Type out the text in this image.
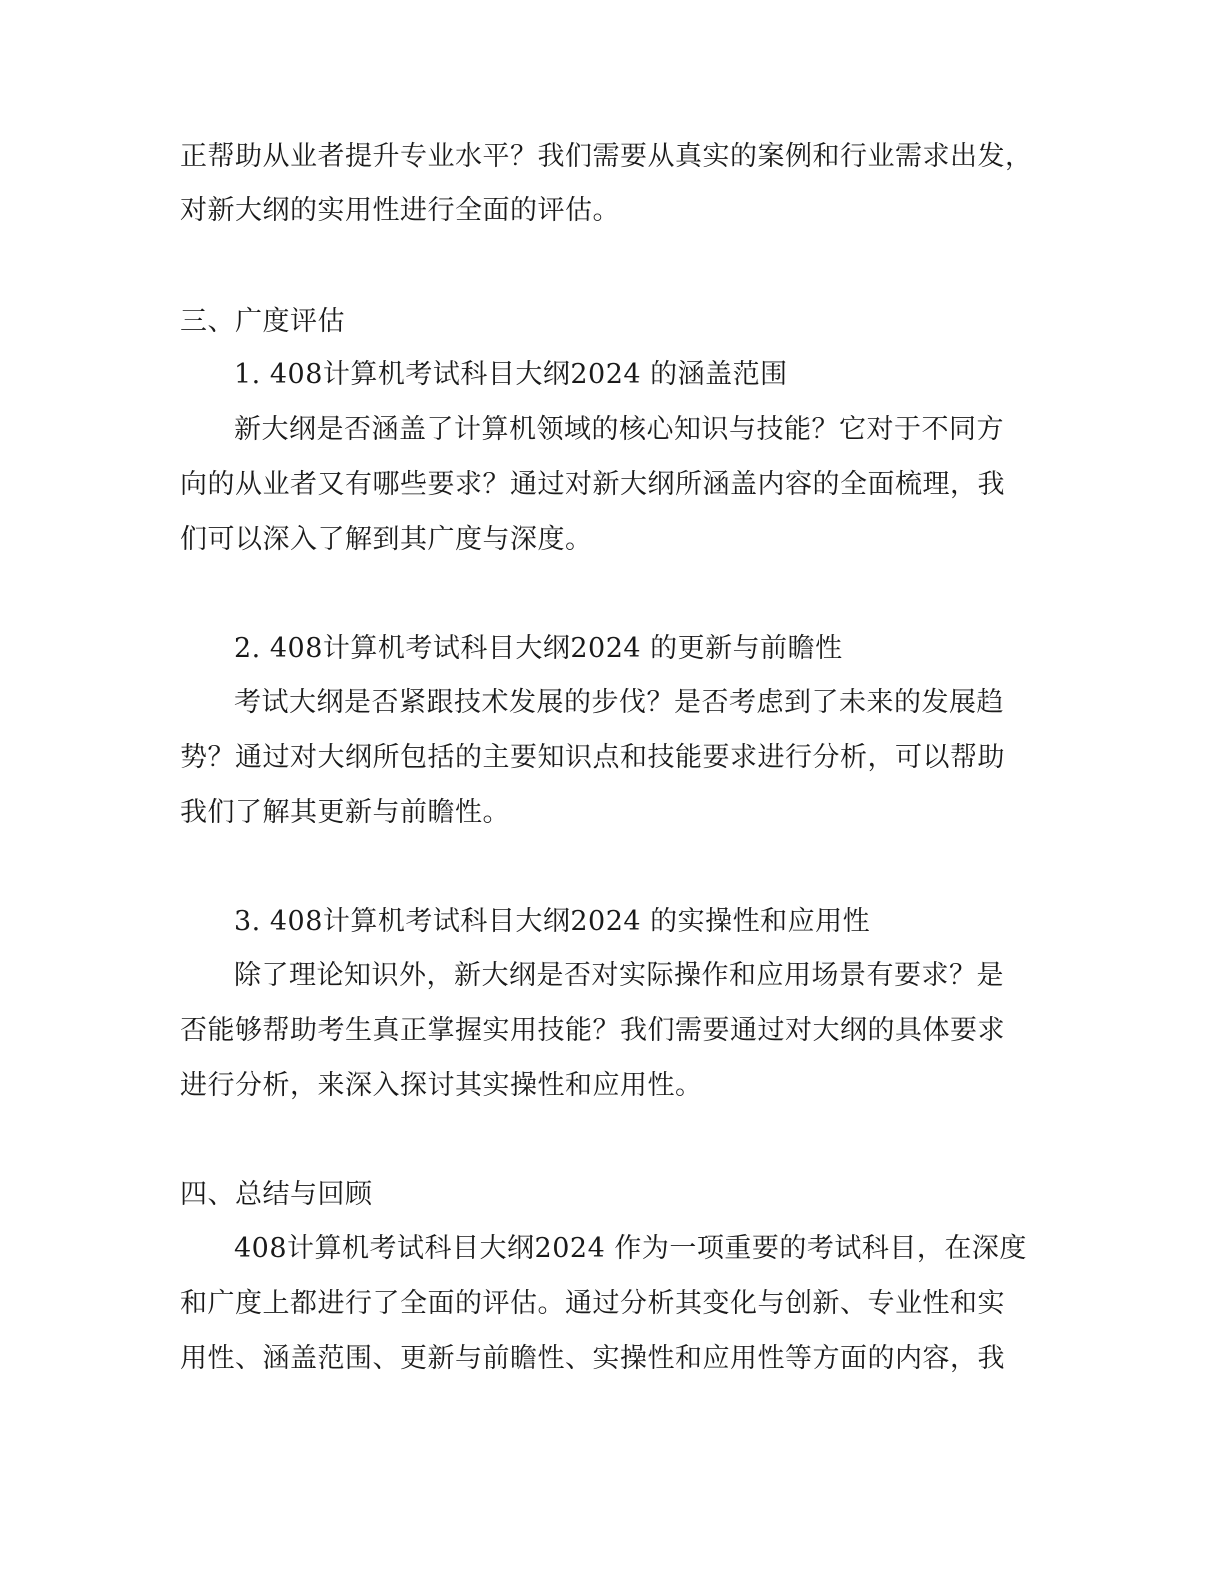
正帮助从业者提升专业水平？我们需要从真实的案例和行业需求出发，
对新大纲的实用性进行全面的评估。
三、广度评估
1. 408计算机考试科目大纲2024 的涵盖范围
新大纲是否涵盖了计算机领域的核心知识与技能？它对于不同方
向的从业者又有哪些要求？通过对新大纲所涵盖内容的全面梳理，我
们可以深入了解到其广度与深度。
2. 408计算机考试科目大纲2024 的更新与前瞻性
考试大纲是否紧跟技术发展的步伐？是否考虑到了未来的发展趋
势？通过对大纲所包括的主要知识点和技能要求进行分析，可以帮助
我们了解其更新与前瞻性。
3. 408计算机考试科目大纲2024 的实操性和应用性
除了理论知识外，新大纲是否对实际操作和应用场景有要求？是
否能够帮助考生真正掌握实用技能？我们需要通过对大纲的具体要求
进行分析，来深入探讨其实操性和应用性。
四、总结与回顾
408计算机考试科目大纲2024 作为一项重要的考试科目，在深度
和广度上都进行了全面的评估。通过分析其变化与创新、专业性和实
用性、涵盖范围、更新与前瞻性、实操性和应用性等方面的内容，我
